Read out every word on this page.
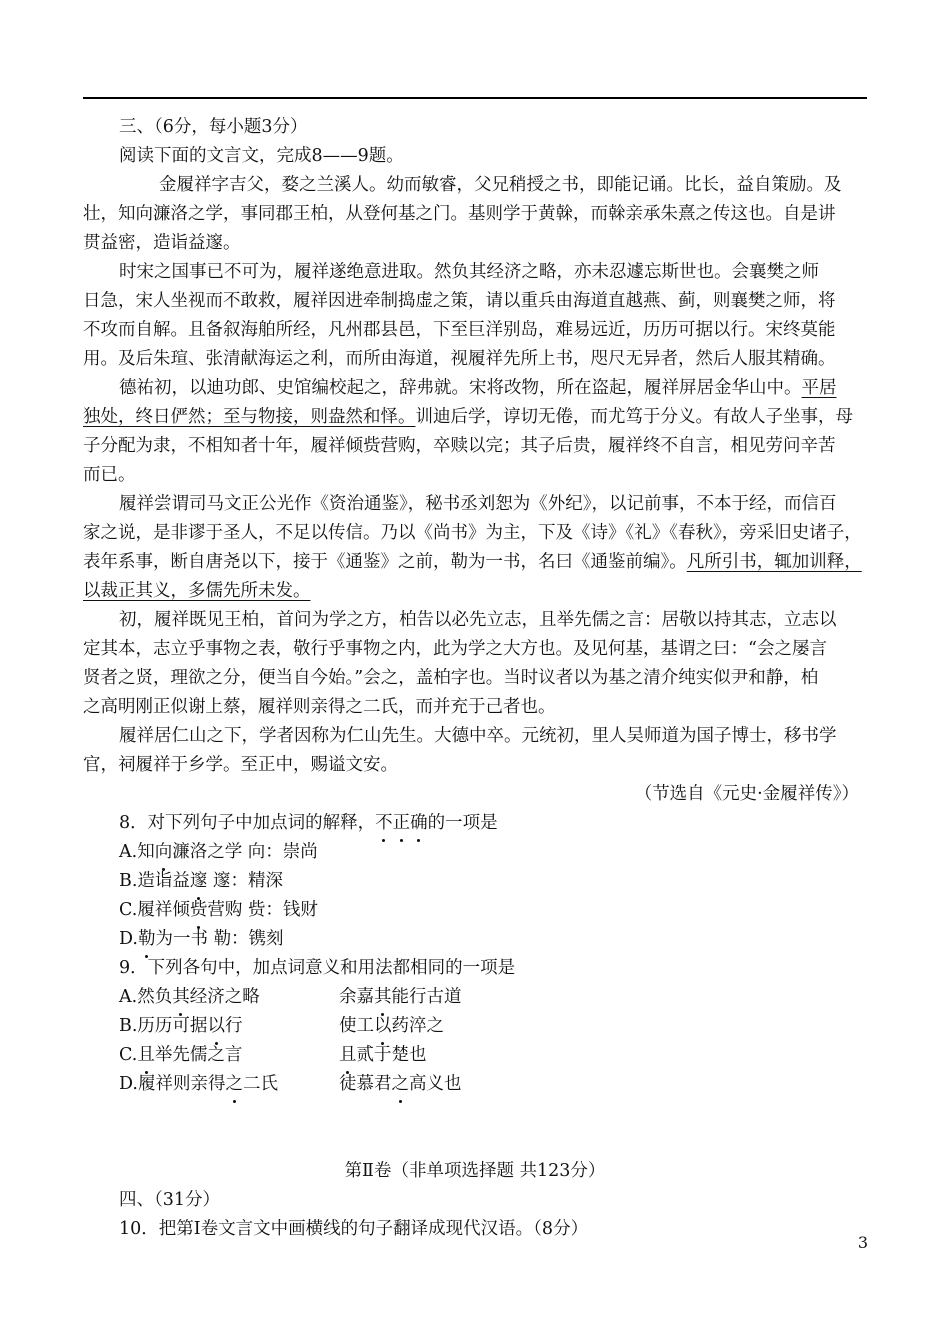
三、（6分，每小题3分）
阅读下面的文言文，完成8——9题。
金履祥字吉父，婺之兰溪人。幼而敏睿，父兄稍授之书，即能记诵。比长，益自策励。及
壮，知向濂洛之学，事同郡王柏，从登何基之门。基则学于黄榦，而榦亲承朱熹之传这也。自是讲
贯益密，造诣益邃。
时宋之国事已不可为，履祥遂绝意进取。然负其经济之略，亦未忍遽忘斯世也。会襄樊之师
日急，宋人坐视而不敢救，履祥因进牵制捣虚之策，请以重兵由海道直越燕、蓟，则襄樊之师，将
不攻而自解。且备叙海舶所经，凡州郡县邑，下至巨洋别岛，难易远近，历历可据以行。宋终莫能
用。及后朱瑄、张清献海运之利，而所由海道，视履祥先所上书，咫尺无异者，然后人服其精确。
德祐初，以迪功郎、史馆编校起之，辞弗就。宋将改物，所在盗起，履祥屏居金华山中。平居
独处，终日俨然；至与物接，则盎然和怿。训迪后学，谆切无倦，而尤笃于分义。有故人子坐事，母
子分配为隶，不相知者十年，履祥倾赀营购，卒赎以完；其子后贵，履祥终不自言，相见劳问辛苦
而已。
履祥尝谓司马文正公光作《资治通鉴》，秘书丞刘恕为《外纪》，以记前事，不本于经，而信百
家之说，是非谬于圣人，不足以传信。乃以《尚书》为主，下及《诗》《礼》《春秋》，旁采旧史诸子，
表年系事，断自唐尧以下，接于《通鉴》之前，勒为一书，名曰《通鉴前编》。凡所引书，辄加训释，
以裁正其义，多儒先所未发。
初，履祥既见王柏，首问为学之方，柏告以必先立志，且举先儒之言：居敬以持其志，立志以
定其本，志立乎事物之表，敬行乎事物之内，此为学之大方也。及见何基，基谓之曰：“会之屡言
贤者之贤，理欲之分，便当自今始。”会之，盖柏字也。当时议者以为基之清介纯实似尹和静，柏
之高明刚正似谢上蔡，履祥则亲得之二氏，而并充于己者也。
履祥居仁山之下，学者因称为仁山先生。大德中卒。元统初，里人吴师道为国子博士，移书学
官，祠履祥于乡学。至正中，赐谥文安。
（节选自《元史·金履祥传》）
8．对下列句子中加点词的解释，不正确的一项是
A.知向濂洛之学 向：崇尚
B.造诣益邃 邃：精深
C.履祥倾赀营购 赀：钱财
D.勒为一书 勒：镌刻
9．下列各句中，加点词意义和用法都相同的一项是
A.然负其经济之略	余嘉其能行古道
B.历历可据以行	使工以药淬之
C.且举先儒之言	且贰于楚也
D.履祥则亲得之二氏	徒慕君之高义也
第Ⅱ卷（非单项选择题 共123分）
四、（31分）
10．把第Ⅰ卷文言文中画横线的句子翻译成现代汉语。（8分）
3
